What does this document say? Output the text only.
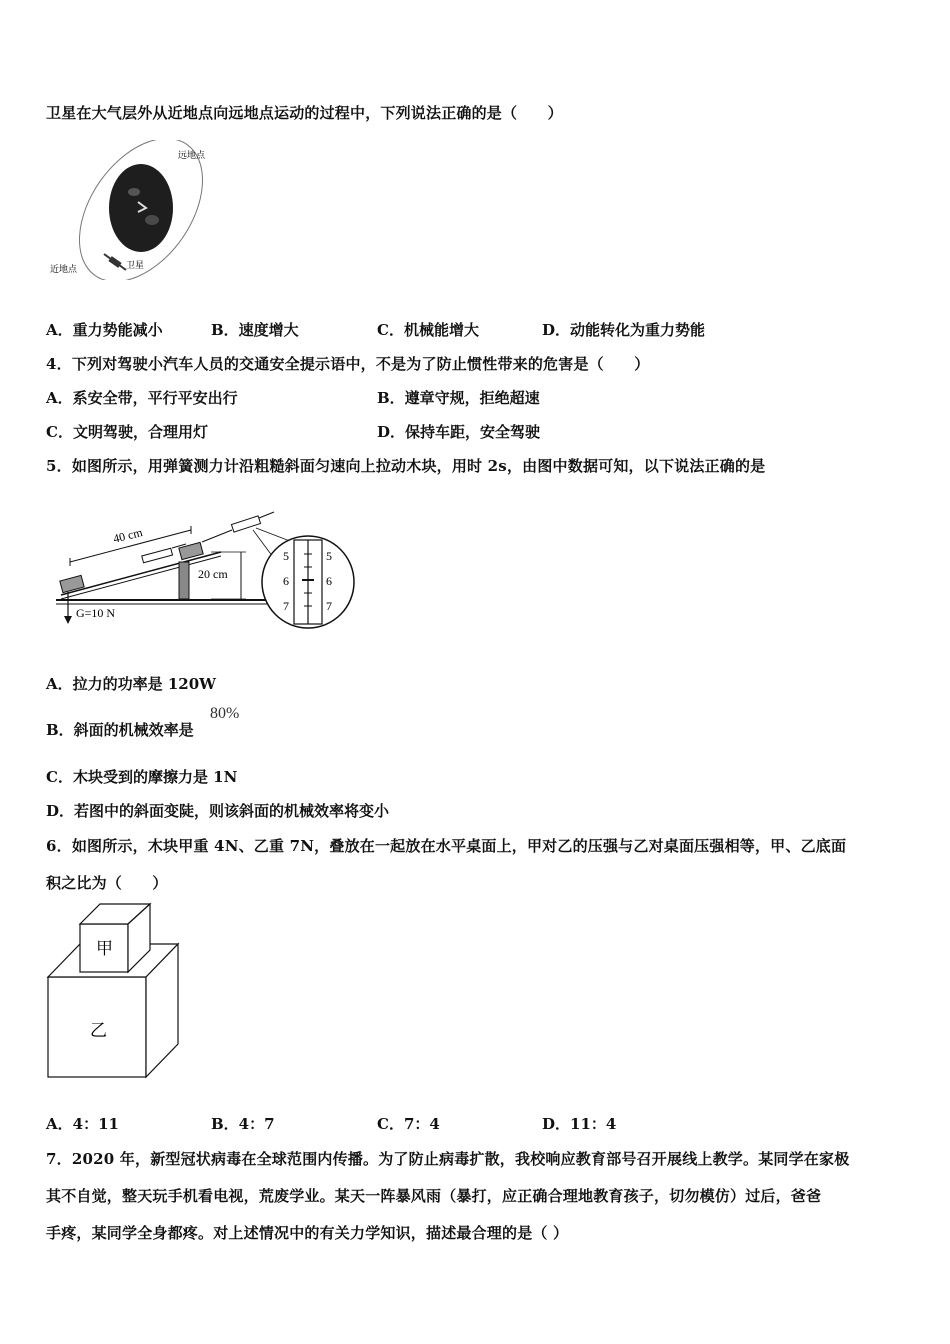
卫星在大气层外从近地点向远地点运动的过程中，下列说法正确的是（　　）
远地点
近地点	卫星
A．重力势能减小	B．速度增大	C．机械能增大	D．动能转化为重力势能
4．下列对驾驶小汽车人员的交通安全提示语中，不是为了防止惯性带来的危害是（　　）
A．系安全带，平行平安出行	B．遵章守规，拒绝超速
C．文明驾驶，合理用灯	D．保持车距，安全驾驶
5．如图所示，用弹簧测力计沿粗糙斜面匀速向上拉动木块，用时 2s，由图中数据可知，以下说法正确的是
40 cm
20 cm
G=10 N
5
6
7
5
6
7
A．拉力的功率是 120W
B．斜面的机械效率是
80%
C．木块受到的摩擦力是 1N
D．若图中的斜面变陡，则该斜面的机械效率将变小
6．如图所示，木块甲重 4N、乙重 7N，叠放在一起放在水平桌面上，甲对乙的压强与乙对桌面压强相等，甲、乙底面
积之比为（　　）
甲
乙
A．4：11	B．4：7	C．7：4	D．11：4
7．2020 年，新型冠状病毒在全球范围内传播。为了防止病毒扩散，我校响应教育部号召开展线上教学。某同学在家极
其不自觉，整天玩手机看电视，荒废学业。某天一阵暴风雨（暴打，应正确合理地教育孩子，切勿模仿）过后，爸爸
手疼，某同学全身都疼。对上述情况中的有关力学知识，描述最合理的是（ ）
